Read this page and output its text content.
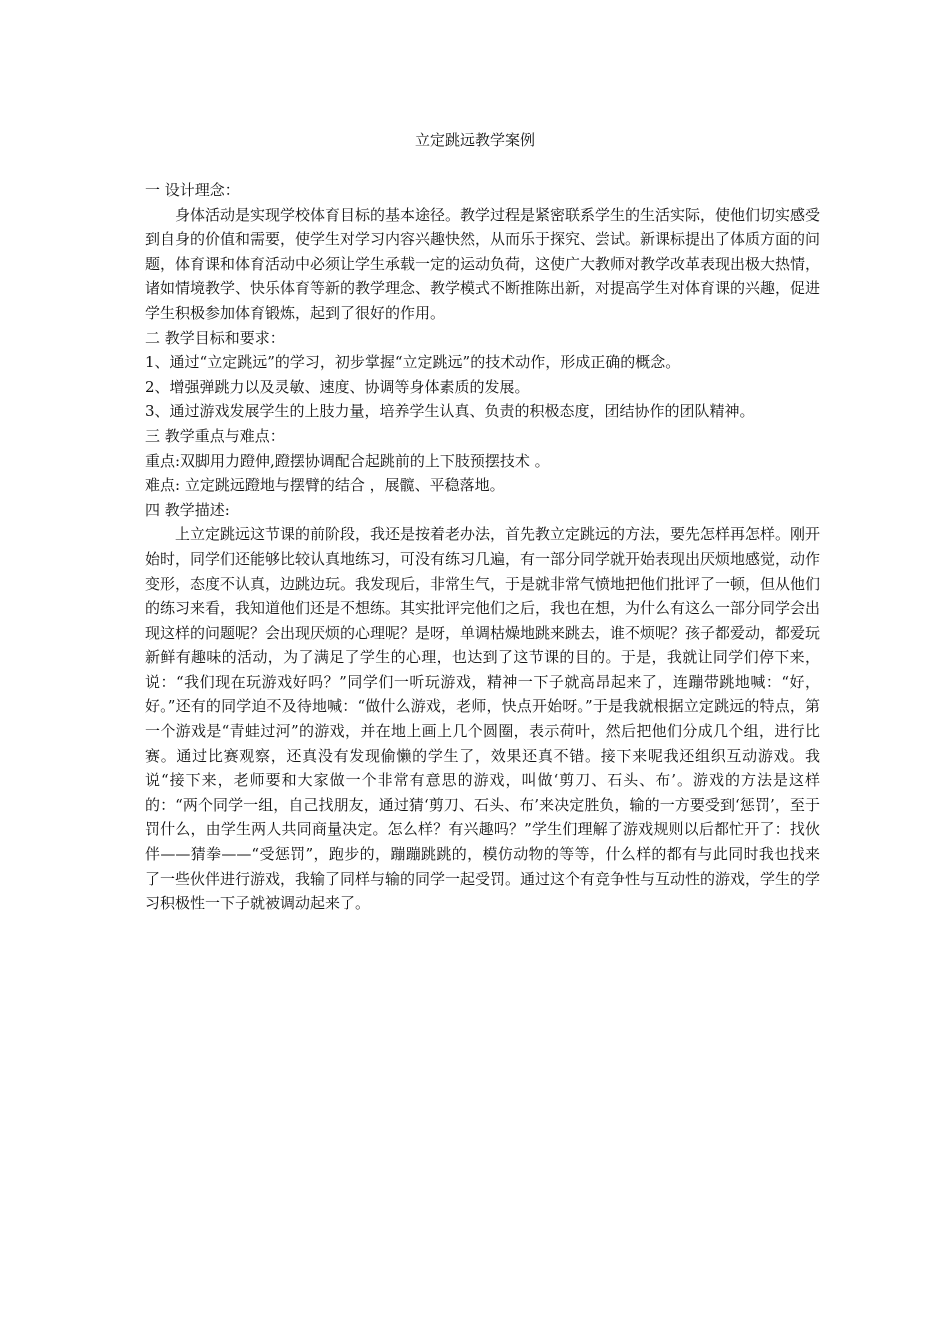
立定跳远教学案例

一 设计理念：

身体活动是实现学校体育目标的基本途径。教学过程是紧密联系学生的生活实际，使他们切实感受到自身的价值和需要，使学生对学习内容兴趣快然，从而乐于探究、尝试。新课标提出了体质方面的问题，体育课和体育活动中必须让学生承载一定的运动负荷，这使广大教师对教学改革表现出极大热情，诸如情境教学、快乐体育等新的教学理念、教学模式不断推陈出新，对提高学生对体育课的兴趣，促进学生积极参加体育锻炼，起到了很好的作用。

二 教学目标和要求：

1、通过“立定跳远”的学习，初步掌握“立定跳远”的技术动作，形成正确的概念。

2、增强弹跳力以及灵敏、速度、协调等身体素质的发展。

3、通过游戏发展学生的上肢力量，培养学生认真、负责的积极态度，团结协作的团队精神。

三 教学重点与难点：

重点:双脚用力蹬伸,蹬摆协调配合起跳前的上下肢预摆技术 。

难点: 立定跳远蹬地与摆臂的结合 ，展髋、平稳落地。

四 教学描述:

上立定跳远这节课的前阶段，我还是按着老办法，首先教立定跳远的方法，要先怎样再怎样。刚开始时，同学们还能够比较认真地练习，可没有练习几遍，有一部分同学就开始表现出厌烦地感觉，动作变形，态度不认真，边跳边玩。我发现后，非常生气，于是就非常气愤地把他们批评了一顿，但从他们的练习来看，我知道他们还是不想练。其实批评完他们之后，我也在想，为什么有这么一部分同学会出现这样的问题呢？会出现厌烦的心理呢？是呀，单调枯燥地跳来跳去，谁不烦呢？孩子都爱动，都爱玩新鲜有趣味的活动，为了满足了学生的心理，也达到了这节课的目的。于是，我就让同学们停下来，说：“我们现在玩游戏好吗？”同学们一听玩游戏，精神一下子就高昂起来了，连蹦带跳地喊：“好，好。”还有的同学迫不及待地喊：“做什么游戏，老师，快点开始呀。”于是我就根据立定跳远的特点，第一个游戏是“青蛙过河”的游戏，并在地上画上几个圆圈，表示荷叶，然后把他们分成几个组，进行比赛。通过比赛观察，还真没有发现偷懒的学生了，效果还真不错。接下来呢我还组织互动游戏。我说“接下来，老师要和大家做一个非常有意思的游戏，叫做‘剪刀、石头、布’。游戏的方法是这样的：“两个同学一组，自己找朋友，通过猜‘剪刀、石头、布’来决定胜负，输的一方要受到‘惩罚’，至于罚什么，由学生两人共同商量决定。怎么样？有兴趣吗？”学生们理解了游戏规则以后都忙开了：找伙伴——猜拳——“受惩罚”，跑步的，蹦蹦跳跳的，模仿动物的等等，什么样的都有与此同时我也找来了一些伙伴进行游戏，我输了同样与输的同学一起受罚。通过这个有竞争性与互动性的游戏，学生的学习积极性一下子就被调动起来了。
